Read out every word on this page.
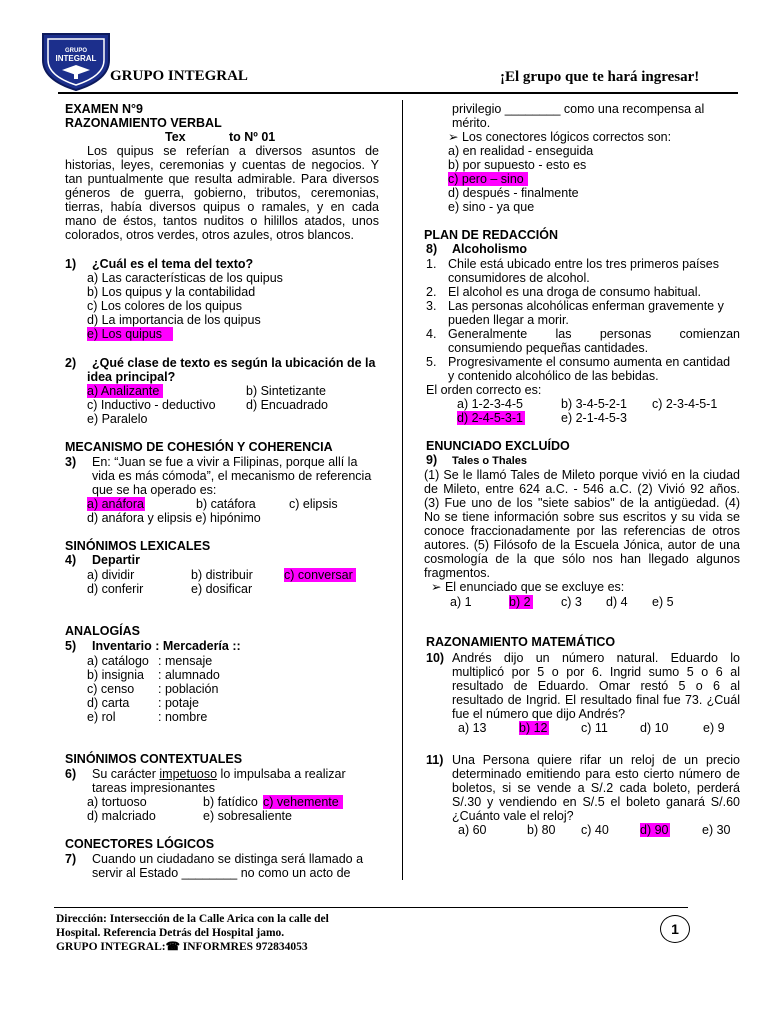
GRUPO
INTEGRAL
GRUPO INTEGRAL	¡El grupo que te hará ingresar!
EXAMEN N°9
RAZONAMIENTO VERBAL
Tex	to Nº 01
Los quipus se referían a diversos asuntos de historias, leyes, ceremonias y cuentas de negocios. Y tan puntualmente que resulta admirable. Para diversos géneros de guerra, gobierno, tributos, ceremonias, tierras, había diversos quipus o ramales, y en cada mano de éstos, tantos nuditos o hilillos atados, unos colorados, otros verdes, otros azules, otros blancos.
1) ¿Cuál es el tema del texto?
a) Las características de los quipus
b) Los quipus y la contabilidad
c) Los colores de los quipus
d) La importancia de los quipus
e) Los quipus
2) ¿Qué clase de texto es según la ubicación de la
idea principal?
a) Analizante	b) Sintetizante
c) Inductivo - deductivo d) Encuadrado
e) Paralelo
MECANISMO DE COHESIÓN Y COHERENCIA
3) En: “Juan se fue a vivir a Filipinas, porque allí la
vida es más cómoda”, el mecanismo de referencia
que se ha operado es:
a) anáfora	b) catáfora	c) elipsis
d) anáfora y elipsis e) hipónimo
SINÓNIMOS LEXICALES
4) Departir
a) dividir	b) distribuir c) conversar
d) conferir	e) dosificar
ANALOGÍAS
5) Inventario : Mercadería ::
a) catálogo : mensaje
b) insignia : alumnado
c) censo : población
d) carta : potaje
e) rol	: nombre
SINÓNIMOS CONTEXTUALES
6) Su carácter impetuoso lo impulsaba a realizar
tareas impresionantes
a) tortuoso	b) fatídico c) vehemente
d) malcriado	e) sobresaliente
CONECTORES LÓGICOS
7) Cuando un ciudadano se distinga será llamado a
servir al Estado ________ no como un acto de
privilegio ________ como una recompensa al
mérito.
➢ Los conectores lógicos correctos son:
a) en realidad - enseguida
b) por supuesto - esto es
c) pero – sino
d) después - finalmente
e) sino - ya que
PLAN DE REDACCIÓN
8) Alcoholismo
1. Chile está ubicado entre los tres primeros países
consumidores de alcohol.
2. El alcohol es una droga de consumo habitual.
3. Las personas alcohólicas enferman gravemente y
pueden llegar a morir.
4. Generalmente las personas comienzan
consumiendo pequeñas cantidades.
5. Progresivamente el consumo aumenta en cantidad
y contenido alcohólico de las bebidas.
El orden correcto es:
a) 1-2-3-4-5	b) 3-4-5-2-1 c) 2-3-4-5-1
d) 2-4-5-3-1	e) 2-1-4-5-3
ENUNCIADO EXCLUÍDO
9) Tales o Thales
(1) Se le llamó Tales de Mileto porque vivió en la ciudad
de Mileto, entre 624 a.C. - 546 a.C. (2) Vivió 92 años.
(3) Fue uno de los "siete sabios" de la antigüedad. (4)
No se tiene información sobre sus escritos y su vida se
conoce fraccionadamente por las referencias de otros
autores. (5) Filósofo de la Escuela Jónica, autor de una
cosmología de la que sólo nos han llegado algunos
fragmentos.
➢ El enunciado que se excluye es:
a) 1	b) 2 c) 3 d) 4 e) 5
RAZONAMIENTO MATEMÁTICO
10) Andrés dijo un número natural. Eduardo lo
multiplicó por 5 o por 6. Ingrid sumo 5 o 6 al
resultado de Eduardo. Omar restó 5 o 6 al
resultado de Ingrid. El resultado final fue 73. ¿Cuál
fue el número que dijo Andrés?
a) 13	b) 12	c) 11	d) 10	e) 9
11) Una Persona quiere rifar un reloj de un precio
determinado emitiendo para esto cierto número de
boletos, si se vende a S/.2 cada boleto, perderá
S/.30 y vendiendo en S/.5 el boleto ganará S/.60
¿Cuánto vale el reloj?
a) 60	b) 80 c) 40 d) 90	e) 30
Dirección: Intersección de la Calle Arica con la calle del
Hospital. Referencia Detrás del Hospital jamo.
GRUPO INTEGRAL:☎ INFORMRES 972834053
1
